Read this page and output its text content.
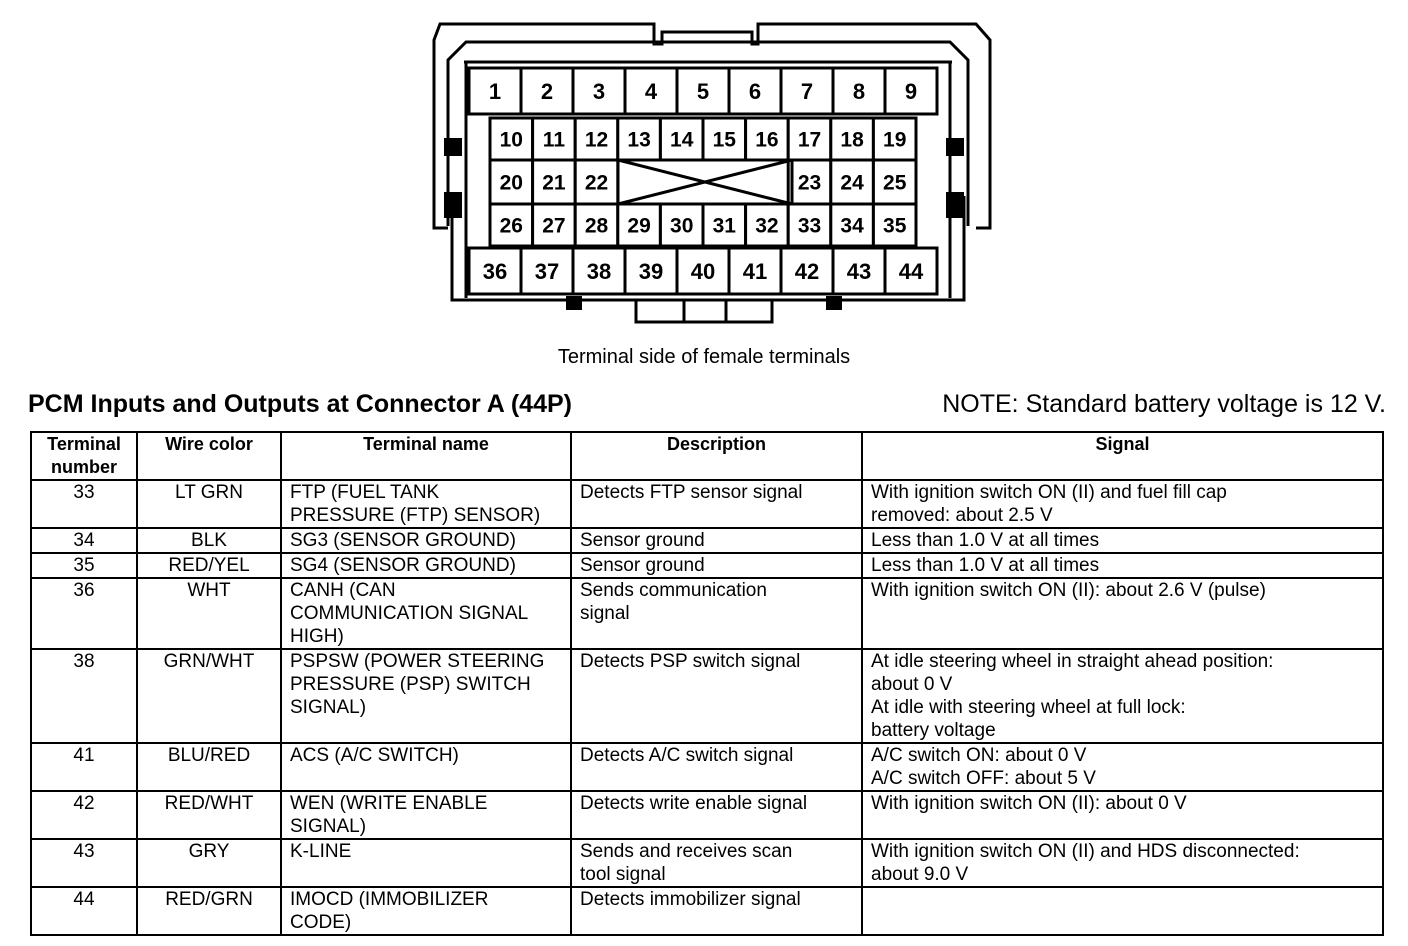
1
36
2
37
3
38
4
39
5
40
6
41
7
42
8
43
9
44
10
26
11
27
12
28
13
29
14
30
15
31
16
32
17
33
18
34
19
35
20	23
21	24
22	25
Terminal side of female terminals
PCM Inputs and Outputs at Connector A (44P)	NOTE: Standard battery voltage is 12 V.
Terminal
number	Wire color	Terminal name	Description	Signal
33	LT GRN	FTP (FUEL TANK
PRESSURE (FTP) SENSOR)	Detects FTP sensor signal	With ignition switch ON (II) and fuel fill cap
removed: about 2.5 V
34	BLK	SG3 (SENSOR GROUND)	Sensor ground	Less than 1.0 V at all times
35	RED/YEL	SG4 (SENSOR GROUND)	Sensor ground	Less than 1.0 V at all times
36	WHT	CANH (CAN
COMMUNICATION SIGNAL
HIGH)	Sends communication
signal	With ignition switch ON (II): about 2.6 V (pulse)
38	GRN/WHT	PSPSW (POWER STEERING
PRESSURE (PSP) SWITCH
SIGNAL)	Detects PSP switch signal	At idle steering wheel in straight ahead position:
about 0 V
At idle with steering wheel at full lock:
battery voltage
41	BLU/RED	ACS (A/C SWITCH)	Detects A/C switch signal	A/C switch ON: about 0 V
A/C switch OFF: about 5 V
42	RED/WHT	WEN (WRITE ENABLE
SIGNAL)	Detects write enable signal	With ignition switch ON (II): about 0 V
43	GRY	K-LINE	Sends and receives scan
tool signal	With ignition switch ON (II) and HDS disconnected:
about 9.0 V
44	RED/GRN	IMOCD (IMMOBILIZER
CODE)	Detects immobilizer signal	
